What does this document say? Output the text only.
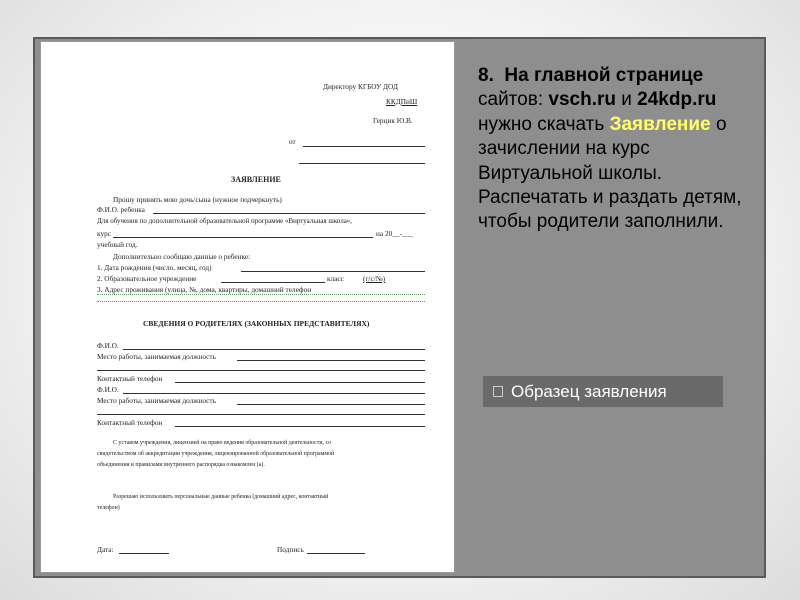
Директору КГБОУ ДОД
ККДПиШ
Герцик Ю.В.
от
ЗАЯВЛЕНИЕ
Прошу принять мою дочь/сына (нужное подчеркнуть)
Ф.И.О. ребенка
Для обучения по дополнительной образовательной программе «Виртуальная школа»,
курс	на 20__-___
учебный год.
Дополнительно сообщаю данные о ребенке:
1. Дата рождения (число, месяц, год)
2. Образовательное учреждение	класс	(г/с/№)
3. Адрес проживания (улица, №, дома, квартиры, домашний телефон
СВЕДЕНИЯ О РОДИТЕЛЯХ (ЗАКОННЫХ ПРЕДСТАВИТЕЛЯХ)
Ф.И.О.
Место работы, занимаемая должность
Контактный телефон
Ф.И.О.
Место работы, занимаемая должность
Контактный телефон
С уставом учреждения, лицензией на право ведения образовательной деятельности, со
свидетельством об аккредитации учреждения, лицензированной образовательной программой
объединения и правилами внутреннего распорядка ознакомлен (а).
Разрешаю использовать персональные данные ребенка (домашний адрес, контактный
телефон)
Дата:	Подпись
8. На главной странице сайтов: vsch.ru и 24kdp.ru нужно скачать Заявление о зачислении на курс Виртуальной школы. Распечатать и раздать детям, чтобы родители заполнили.
Образец заявления
